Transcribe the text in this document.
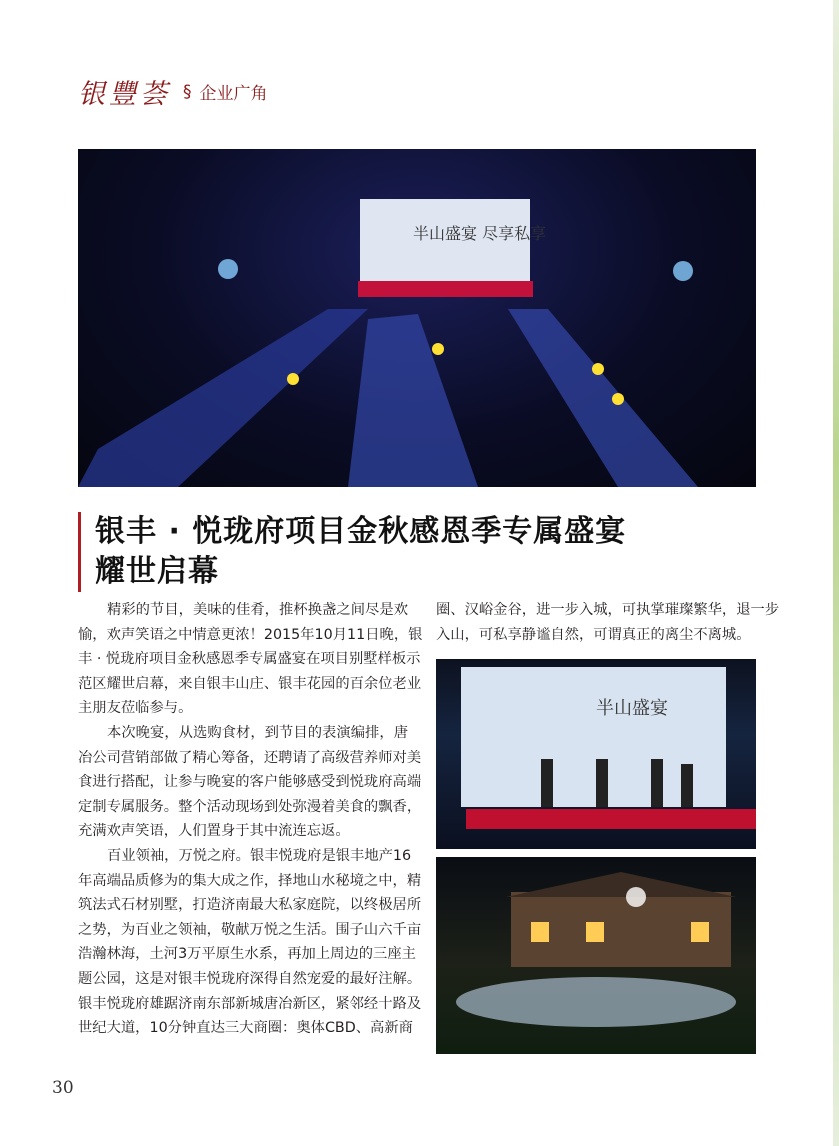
银豐荟 § 企业广角
半山盛宴 尽享私享
银丰 · 悦珑府项目金秋感恩季专属盛宴
耀世启幕
精彩的节目，美味的佳肴，推杯换盏之间尽是欢
愉，欢声笑语之中情意更浓！2015年10月11日晚，银
丰 · 悦珑府项目金秋感恩季专属盛宴在项目别墅样板示
范区耀世启幕，来自银丰山庄、银丰花园的百余位老业
主朋友莅临参与。
本次晚宴，从选购食材，到节目的表演编排，唐
冶公司营销部做了精心筹备，还聘请了高级营养师对美
食进行搭配，让参与晚宴的客户能够感受到悦珑府高端
定制专属服务。整个活动现场到处弥漫着美食的飘香，
充满欢声笑语，人们置身于其中流连忘返。
百业领袖，万悦之府。银丰悦珑府是银丰地产16
年高端品质修为的集大成之作，择地山水秘境之中，精
筑法式石材别墅，打造济南最大私家庭院，以终极居所
之势，为百业之领袖，敬献万悦之生活。围子山六千亩
浩瀚林海，土河3万平原生水系，再加上周边的三座主
题公园，这是对银丰悦珑府深得自然宠爱的最好注解。
银丰悦珑府雄踞济南东部新城唐冶新区，紧邻经十路及
世纪大道，10分钟直达三大商圈：奥体CBD、高新商
圈、汉峪金谷，进一步入城，可执掌璀璨繁华，退一步
入山，可私享静谧自然，可谓真正的离尘不离城。
半山盛宴
30
